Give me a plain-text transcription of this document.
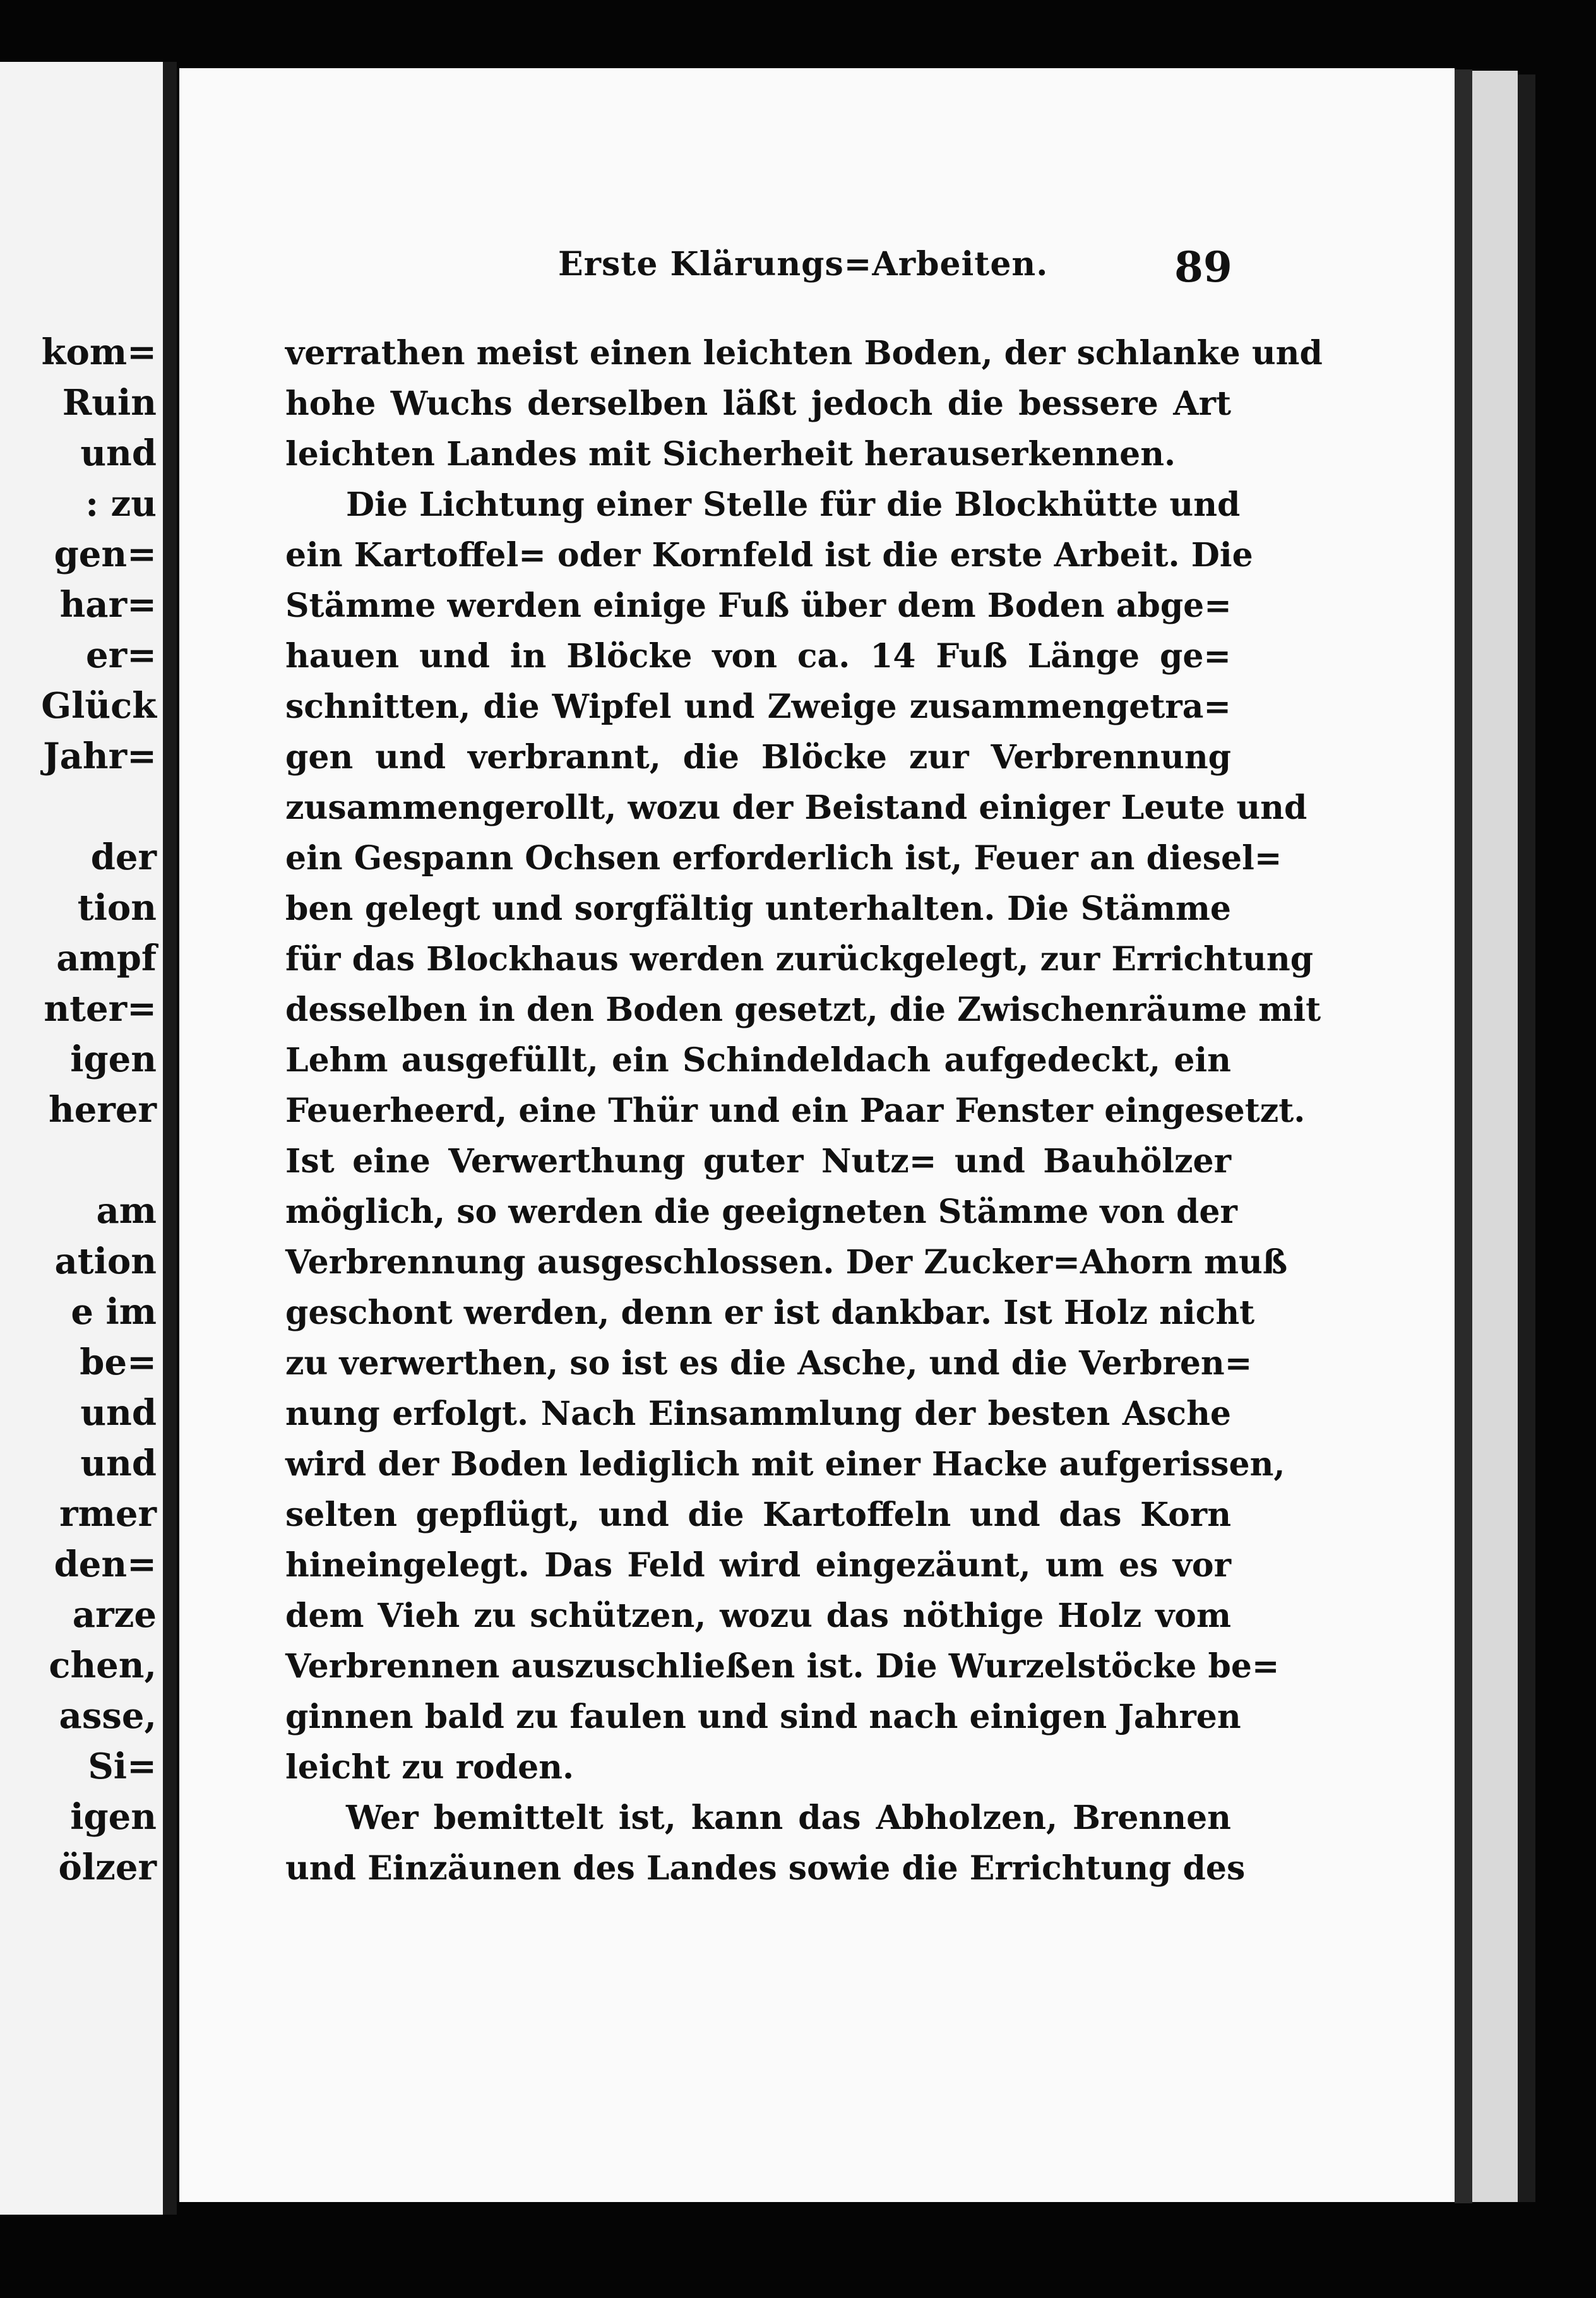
kom=
Ruin
und
: zu
gen=
har=
er=
Glück
Jahr=
der
tion
ampf
nter=
igen
herer
am
ation
e im
be=
und
und
rmer
den=
arze
chen,
asse,
Si=
igen
ölzer
Erste Klärungs=Arbeiten.	89
verrathen meist einen leichten Boden, der schlanke und
hohe Wuchs derselben läßt jedoch die bessere Art
leichten Landes mit Sicherheit herauserkennen.
Die Lichtung einer Stelle für die Blockhütte und
ein Kartoffel= oder Kornfeld ist die erste Arbeit. Die
Stämme werden einige Fuß über dem Boden abge=
hauen und in Blöcke von ca. 14 Fuß Länge ge=
schnitten, die Wipfel und Zweige zusammengetra=
gen und verbrannt, die Blöcke zur Verbrennung
zusammengerollt, wozu der Beistand einiger Leute und
ein Gespann Ochsen erforderlich ist, Feuer an diesel=
ben gelegt und sorgfältig unterhalten. Die Stämme
für das Blockhaus werden zurückgelegt, zur Errichtung
desselben in den Boden gesetzt, die Zwischenräume mit
Lehm ausgefüllt, ein Schindeldach aufgedeckt, ein
Feuerheerd, eine Thür und ein Paar Fenster eingesetzt.
Ist eine Verwerthung guter Nutz= und Bauhölzer
möglich, so werden die geeigneten Stämme von der
Verbrennung ausgeschlossen. Der Zucker=Ahorn muß
geschont werden, denn er ist dankbar. Ist Holz nicht
zu verwerthen, so ist es die Asche, und die Verbren=
nung erfolgt. Nach Einsammlung der besten Asche
wird der Boden lediglich mit einer Hacke aufgerissen,
selten gepflügt, und die Kartoffeln und das Korn
hineingelegt. Das Feld wird eingezäunt, um es vor
dem Vieh zu schützen, wozu das nöthige Holz vom
Verbrennen auszuschließen ist. Die Wurzelstöcke be=
ginnen bald zu faulen und sind nach einigen Jahren
leicht zu roden.
Wer bemittelt ist, kann das Abholzen, Brennen
und Einzäunen des Landes sowie die Errichtung des
